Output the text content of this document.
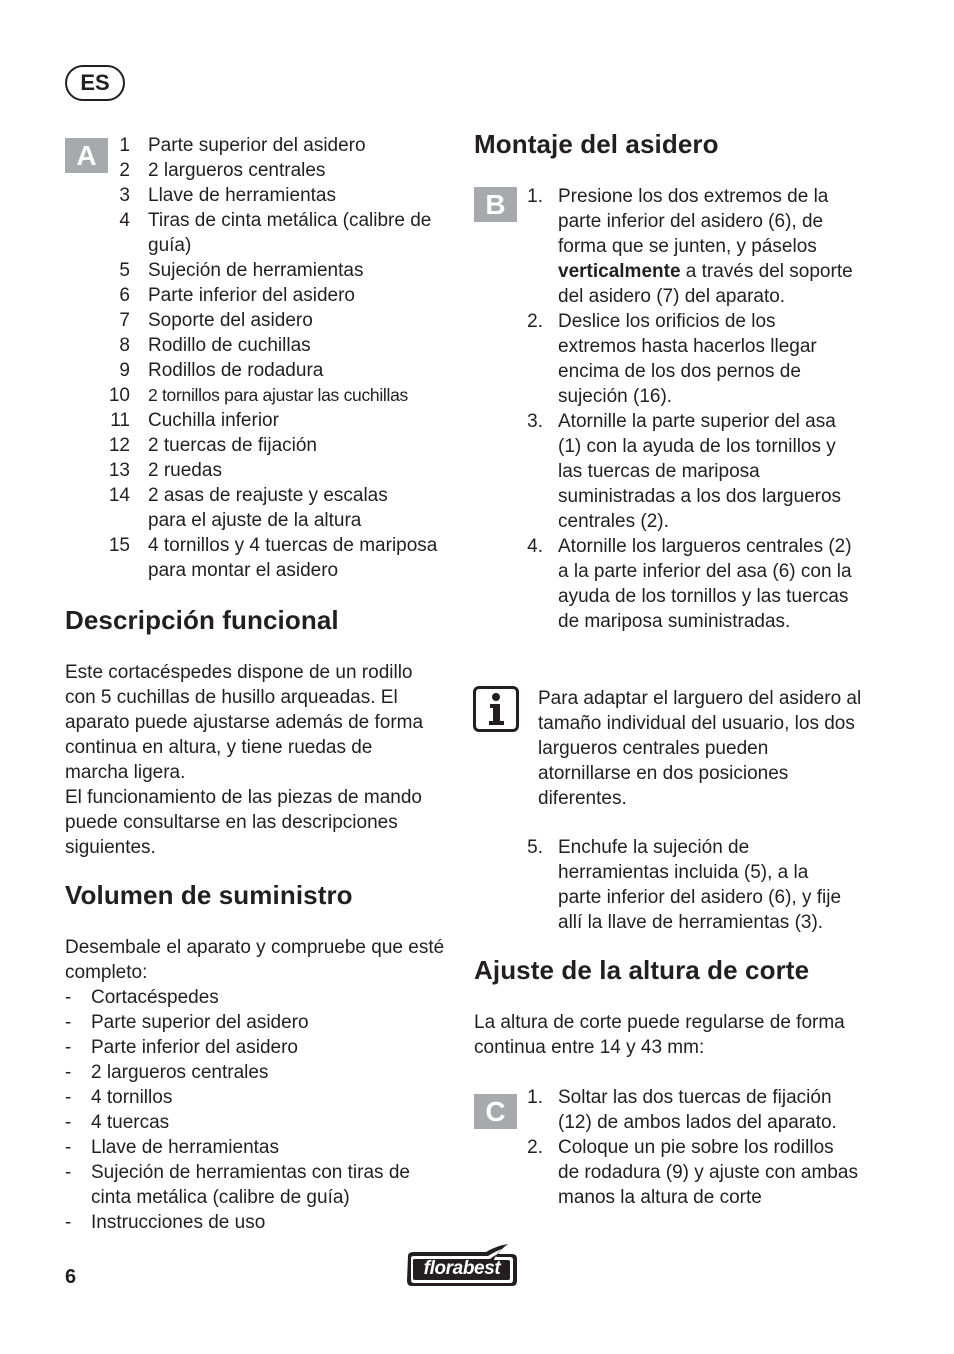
ES
A	1 Parte superior del asidero
2 2 largueros centrales
3 Llave de herramientas
4 Tiras de cinta metálica (calibre de guía)
5 Sujeción de herramientas
6 Parte inferior del asidero
7 Soporte del asidero
8 Rodillo de cuchillas
9 Rodillos de rodadura
10 2 tornillos para ajustar las cuchillas
11 Cuchilla inferior
12 2 tuercas de fijación
13 2 ruedas
14 2 asas de reajuste y escalas para el ajuste de la altura
15 4 tornillos y 4 tuercas de mariposa para montar el asidero
Descripción funcional

Este cortacéspedes dispone de un rodillo con 5 cuchillas de husillo arqueadas. El aparato puede ajustarse además de forma continua en altura, y tiene ruedas de marcha ligera.

El funcionamiento de las piezas de mando puede consultarse en las descripciones siguientes.

Volumen de suministro
Desembale el aparato y compruebe que esté completo:
-	Cortacéspedes
-	Parte superior del asidero
-	Parte inferior del asidero
-	2 largueros centrales
-	4 tornillos
-	4 tuercas
-	Llave de herramientas
-	Sujeción de herramientas con tiras de cinta metálica (calibre de guía)
-	Instrucciones de uso
Montaje del asidero
B	1. Presione los dos extremos de la parte inferior del asidero (6), de forma que se junten, y páselos verticalmente a través del soporte del asidero (7) del aparato.
2. Deslice los orificios de los extremos hasta hacerlos llegar encima de los dos pernos de sujeción (16).
3. Atornille la parte superior del asa (1) con la ayuda de los tornillos y las tuercas de mariposa suministradas a los dos largueros centrales (2).
4. Atornille los largueros centrales (2) a la parte inferior del asa (6) con la ayuda de los tornillos y las tuercas de mariposa suministradas.
Para adaptar el larguero del asidero al tamaño individual del usuario, los dos largueros centrales pueden atornillarse en dos posiciones diferentes.
5. Enchufe la sujeción de herramientas incluida (5), a la parte inferior del asidero (6), y fije allí la llave de herramientas (3).
Ajuste de la altura de corte
La altura de corte puede regularse de forma continua entre 14 y 43 mm:
C	1. Soltar las dos tuercas de fijación (12) de ambos lados del aparato.
2. Coloque un pie sobre los rodillos de rodadura (9) y ajuste con ambas manos la altura de corte
6	florabest
